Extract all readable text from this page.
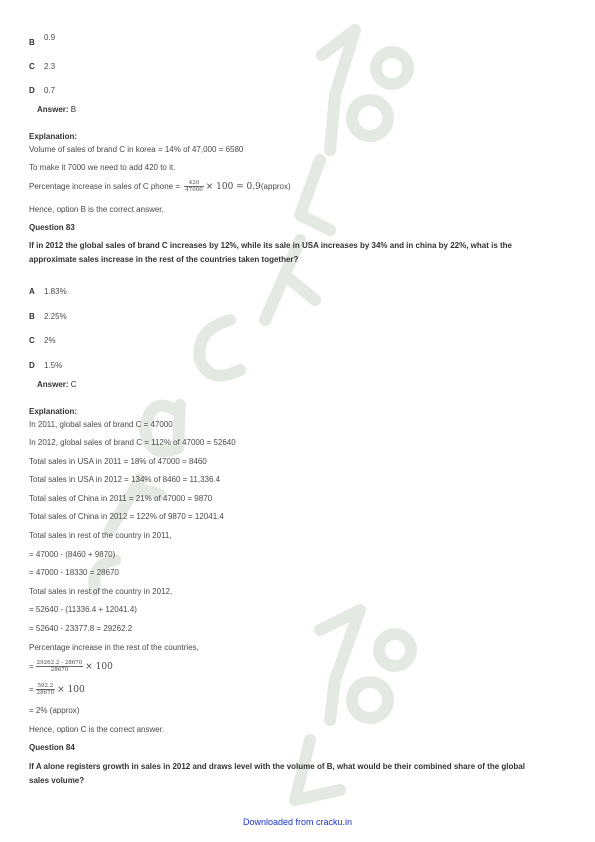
B
0.9
C 2.3
D 0.7
Answer: B
Explanation:
Volume of sales of brand C in korea = 14% of 47,000 = 6580
To make it 7000 we need to add 420 to it.
Percentage increase in sales of C phone = $\frac{420}{47000} \times 100$ = 0.9(approx)
Hence, option B is the correct answer.
Question 83
If in 2012 the global sales of brand C increases by 12%, while its sale in USA increases by 34% and in china by 22%, what is the
approximate sales increase in the rest of the countries taken together?
A 1.83%
B 2.25%
C 2%
D 1.5%
Answer: C
Explanation:
In 2011, global sales of brand C = 47000
In 2012, global sales of brand C = 112% of 47000 = 52640
Total sales in USA in 2011 = 18% of 47000 = 8460
Total sales in USA in 2012 = 134% of 8460 = 11,336.4
Total sales of China in 2011 = 21% of 47000 = 9870
Total sales of China in 2012 = 122% of 9870 = 12041.4
Total sales in rest of the country in 2011,
= 47000 - (8460 + 9870)
= 47000 - 18330 = 28670
Total sales in rest of the country in 2012,
= 52640 - (11336.4 + 12041.4)
= 52640 - 23377.8 = 29262.2
Percentage increase in the rest of the countries,
= $\frac{29262.2 - 28670}{28670} \times 100$
= $\frac{592.2}{28670} \times 100$
= 2% (approx)
Hence, option C is the correct answer.
Question 84
If A alone registers growth in sales in 2012 and draws level with the volume of B, what would be their combined share of the global
sales volume?
Downloaded from cracku.in
